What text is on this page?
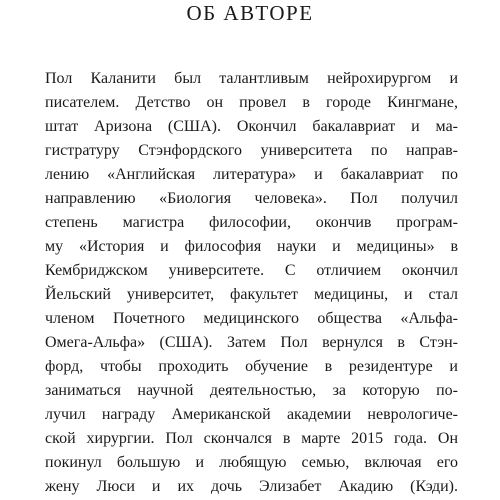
ОБ АВТОРЕ
Пол Каланити был талантливым нейрохирургом и
писателем. Детство он провел в городе Кингмане,
штат Аризона (США). Окончил бакалавриат и ма-
гистратуру Стэнфордского университета по направ-
лению «Английская литература» и бакалавриат по
направлению «Биология человека». Пол получил
степень магистра философии, окончив програм-
му «История и философия науки и медицины» в
Кембриджском университете. С отличием окончил
Йельский университет, факультет медицины, и стал
членом Почетного медицинского общества «Альфа-
Омега-Альфа» (США). Затем Пол вернулся в Стэн-
форд, чтобы проходить обучение в резидентуре и
заниматься научной деятельностью, за которую по-
лучил награду Американской академии неврологиче-
ской хирургии. Пол скончался в марте 2015 года. Он
покинул большую и любящую семью, включая его
жену Люси и их дочь Элизабет Акадию (Кэди).
